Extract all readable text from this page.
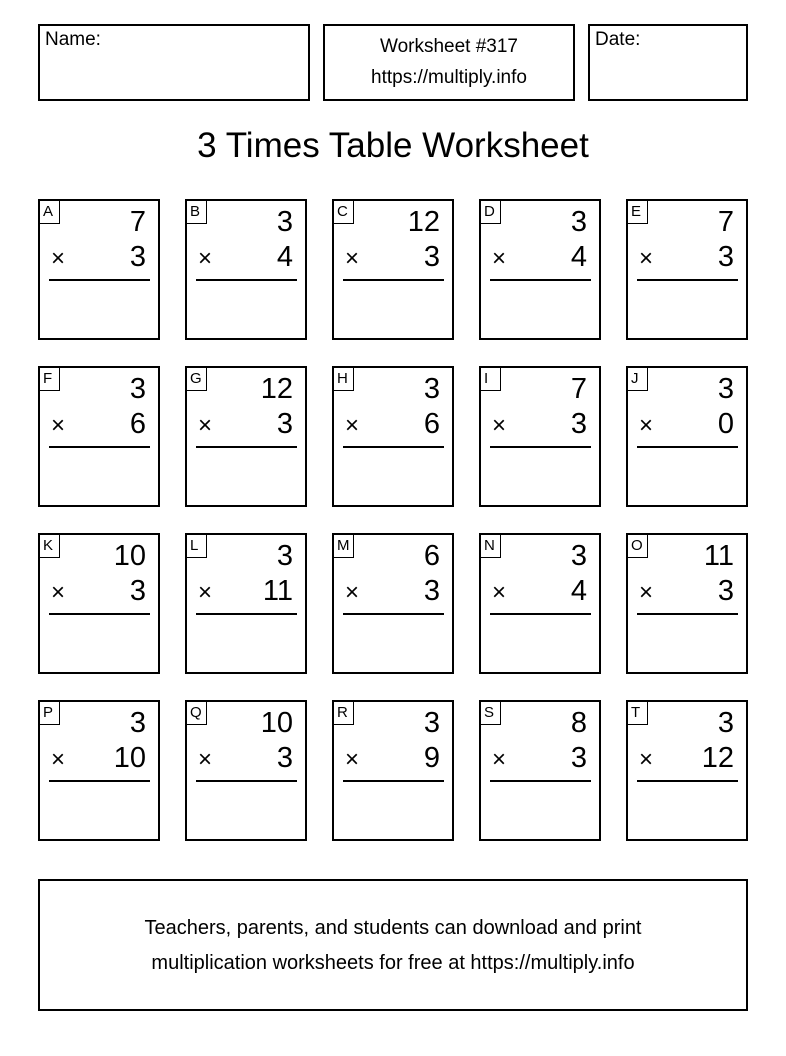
Name:	Worksheet #317
https://multiply.info
Date:
3 Times Table Worksheet
A	7
× 3
B	3
× 4
C 12
× 3
D	3
× 4
E	7
× 3
F	3
× 6
G 12
× 3
H	3
× 6
I	7
× 3
J	3
× 0
K 10
× 3
L	3
× 11
M	6
× 3
N	3
× 4
O 11
× 3
P	3
× 10
Q 10
× 3
R	3
× 9
S	8
× 3
T	3
× 12
Teachers, parents, and students can download and print
multiplication worksheets for free at https://multiply.info
